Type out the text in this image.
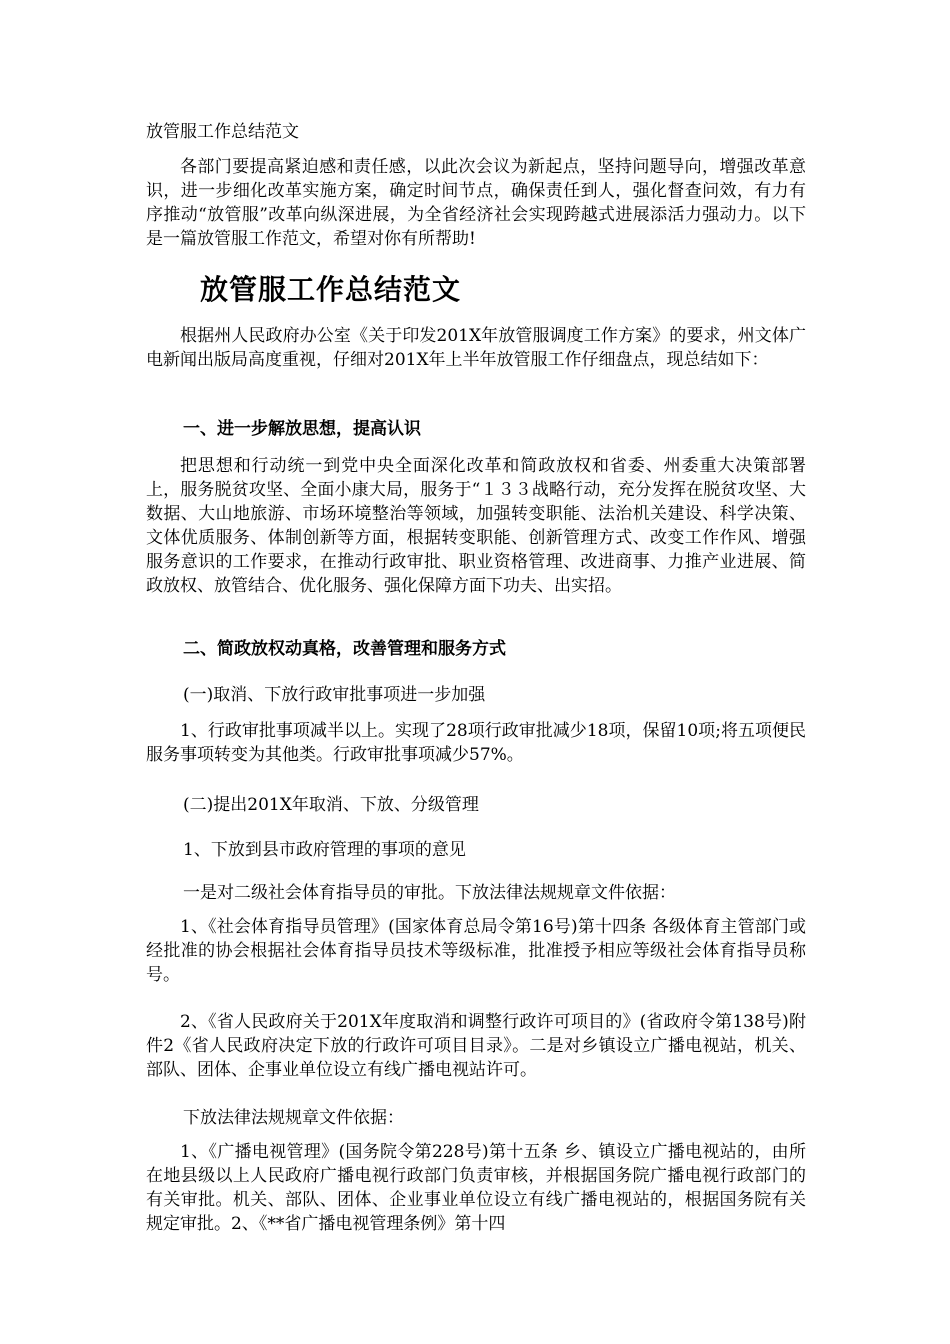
放管服工作总结范文
各部门要提高紧迫感和责任感，以此次会议为新起点，坚持问题导向，增强改革意识，进一步细化改革实施方案，确定时间节点，确保责任到人，强化督查问效，有力有序推动“放管服”改革向纵深进展，为全省经济社会实现跨越式进展添活力强动力。以下是一篇放管服工作范文，希望对你有所帮助!
放管服工作总结范文
根据州人民政府办公室《关于印发201X年放管服调度工作方案》的要求，州文体广电新闻出版局高度重视，仔细对201X年上半年放管服工作仔细盘点，现总结如下：
一、进一步解放思想，提高认识
把思想和行动统一到党中央全面深化改革和简政放权和省委、州委重大决策部署上，服务脱贫攻坚、全面小康大局，服务于“１３３战略行动，充分发挥在脱贫攻坚、大数据、大山地旅游、市场环境整治等领域，加强转变职能、法治机关建设、科学决策、文体优质服务、体制创新等方面，根据转变职能、创新管理方式、改变工作作风、增强服务意识的工作要求，在推动行政审批、职业资格管理、改进商事、力推产业进展、简政放权、放管结合、优化服务、强化保障方面下功夫、出实招。
二、简政放权动真格，改善管理和服务方式
(一)取消、下放行政审批事项进一步加强
1、行政审批事项减半以上。实现了28项行政审批减少18项，保留10项;将五项便民服务事项转变为其他类。行政审批事项减少57%。
(二)提出201X年取消、下放、分级管理
1、下放到县市政府管理的事项的意见
一是对二级社会体育指导员的审批。下放法律法规规章文件依据：
1、《社会体育指导员管理》(国家体育总局令第16号)第十四条 各级体育主管部门或经批准的协会根据社会体育指导员技术等级标准，批准授予相应等级社会体育指导员称号。
2、《省人民政府关于201X年度取消和调整行政许可项目的》(省政府令第138号)附件2《省人民政府决定下放的行政许可项目目录》。二是对乡镇设立广播电视站，机关、部队、团体、企事业单位设立有线广播电视站许可。
下放法律法规规章文件依据：
1、《广播电视管理》(国务院令第228号)第十五条 乡、镇设立广播电视站的，由所在地县级以上人民政府广播电视行政部门负责审核，并根据国务院广播电视行政部门的有关审批。机关、部队、团体、企业事业单位设立有线广播电视站的，根据国务院有关规定审批。2、《**省广播电视管理条例》第十四
